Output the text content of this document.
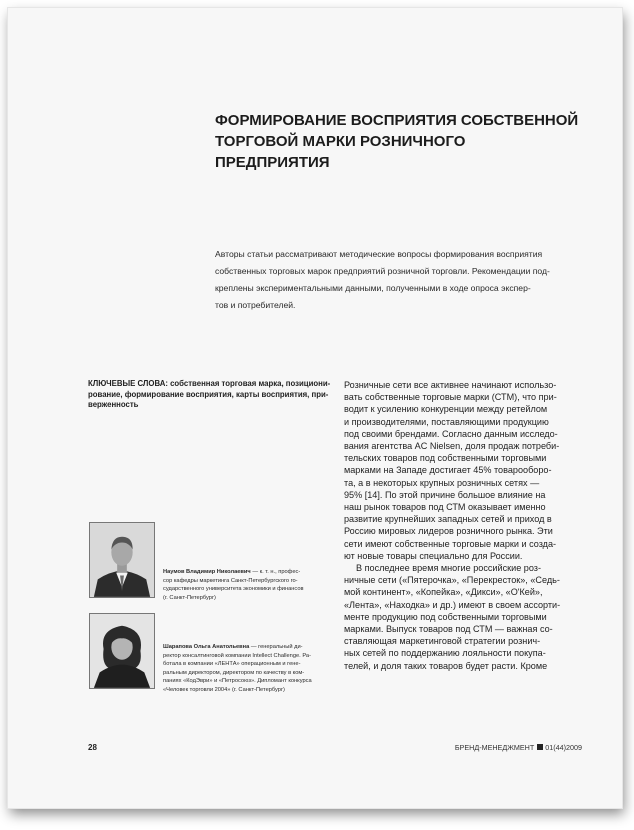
ФОРМИРОВАНИЕ ВОСПРИЯТИЯ СОБСТВЕННОЙ
ТОРГОВОЙ МАРКИ РОЗНИЧНОГО
ПРЕДПРИЯТИЯ
Авторы статьи рассматривают методические вопросы формирования восприятия
собственных торговых марок предприятий розничной торговли. Рекомендации под-
креплены экспериментальными данными, полученными в ходе опроса экспер-
тов и потребителей.
КЛЮЧЕВЫЕ СЛОВА: собственная торговая марка, позициони-
рование, формирование восприятия, карты восприятия, при-
верженность
Розничные сети все активнее начинают использо-
вать собственные торговые марки (СТМ), что при-
водит к усилению конкуренции между ретейлом
и производителями, поставляющими продукцию
под своими брендами. Согласно данным исследо-
вания агентства AC Nielsen, доля продаж потреби-
тельских товаров под собственными торговыми
марками на Западе достигает 45% товарооборо-
та, а в некоторых крупных розничных сетях —
95% [14]. По этой причине большое влияние на
наш рынок товаров под СТМ оказывает именно
развитие крупнейших западных сетей и приход в
Россию мировых лидеров розничного рынка. Эти
сети имеют собственные торговые марки и созда-
ют новые товары специально для России.
В последнее время многие российские роз-
ничные сети («Пятерочка», «Перекресток», «Седь-
мой континент», «Копейка», «Дикси», «О'Кей»,
«Лента», «Находка» и др.) имеют в своем ассорти-
менте продукцию под собственными торговыми
марками. Выпуск товаров под СТМ — важная со-
ставляющая маркетинговой стратегии рознич-
ных сетей по поддержанию лояльности покупа-
телей, и доля таких товаров будет расти. Кроме
Наумов Владимир Николаевич — к. т. н., профес-
сор кафедры маркетинга Санкт-Петербургского го-
сударственного университета экономики и финансов
(г. Санкт-Петербург)
Шарапова Ольга Анатольевна — генеральный ди-
ректор консалтинговой компании Intellect Challenge. Ра-
ботала в компании «ЛЕНТА» операционным и гене-
ральным директором, директором по качеству в ком-
паниях «КодЭври» и «Петросоюз». Дипломант конкурса
«Человек торговли 2004» (г. Санкт-Петербург)
28	БРЕНД-МЕНЕДЖМЕНТ 01(44)2009
